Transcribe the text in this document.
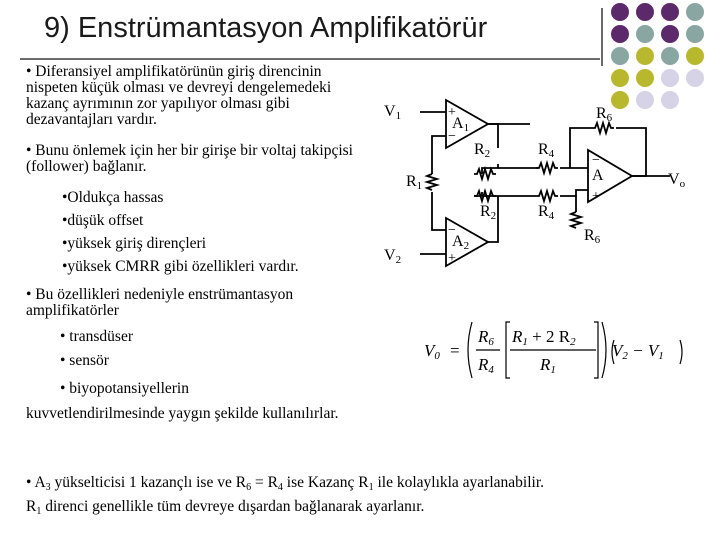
9) Enstrümantasyon Amplifikatörür
• Diferansiyel amplifikatörünün giriş direncinin nispeten küçük olması ve devreyi dengelemedeki kazanç ayrımının zor yapılıyor olması gibi dezavantajları vardır.
• Bunu önlemek için her bir girişe bir voltaj takipçisi (follower) bağlanır.
•Oldukça hassas
•düşük offset
•yüksek giriş dirençleri
•yüksek CMRR gibi özellikleri vardır.
• Bu özellikleri nedeniyle enstrümantasyon amplifikatörler
• transdüser
• sensör
• biyopotansiyellerin
kuvvetlendirilmesinde yaygın şekilde kullanılırlar.
• $A_3$ yükselticisi 1 kazançlı ise ve $R_6 = R_4$ ise Kazanç $R_1$ ile kolaylıkla ayarlanabilir. $R_1$ direnci genellikle tüm devreye dışardan bağlanarak ayarlanır.
V1
V2
Vo
A1
A2
A
R1
R2
R2
R4
R4
R6
R6
+
−
−
+
−
+
V0 =
R6
R4
R1 + 2 R2
R1
V2 − V1
